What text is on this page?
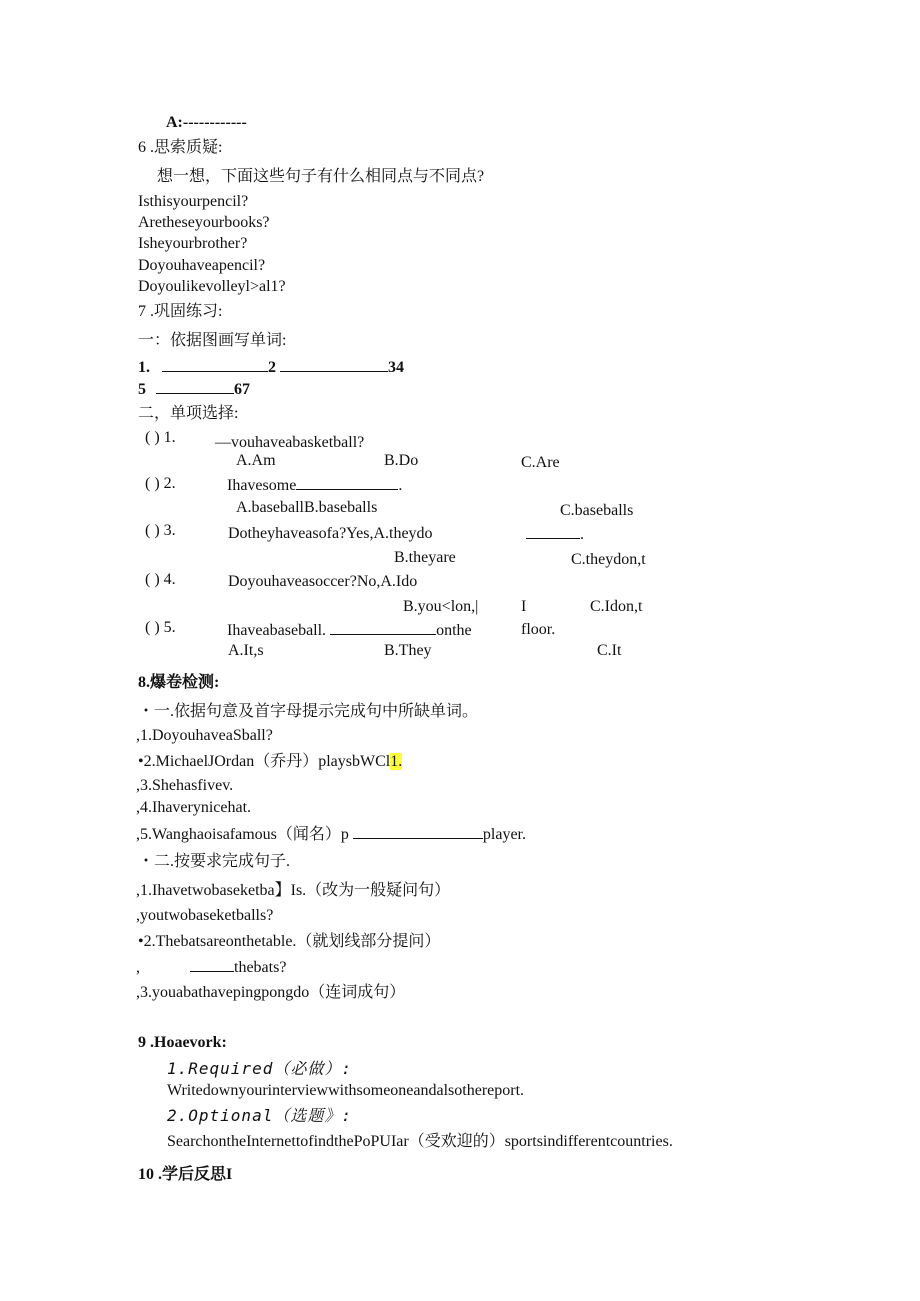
A:------------
6 .思索质疑:
想一想，下面这些句子有什么相同点与不同点?
Isthisyourpencil?
Aretheseyourbooks?
Isheyourbrother?
Doyouhaveapencil?
Doyoulikevolleyl>al1?
7 .巩固练习:
一：依据图画写单词:
1.	2	34
5	67
二，单项选择:
( ) 1. —vouhaveabasketball?
A.Am	B.Do	C.Are
( ) 2.	Ihavesome	.
A.baseballB.baseballs	C.baseballs
( ) 3.	Dotheyhaveasofa?Yes,A.theydo	.
B.theyare	C.theydon,t
( ) 4.	Doyouhaveasoccer?No,A.Ido
B.you<lon,|	I	C.Idon,t
( ) 5.	Ihaveabaseball.	onthe	floor.
A.It,s	B.They	C.It
8.爆卷检测:
・一.依据句意及首字母提示完成句中所缺单词。
,1.DoyouhaveaSball?
•2.MichaelJOrdan（乔丹）playsbWCl1.
,3.Shehasfivev.
,4.Ihaverynicehat.
,5.Wanghaoisafamous（闻名）p	player.
・二.按要求完成句子.
,1.Ihavetwobaseketba】Is.（改为一般疑问句）
,youtwobaseketballs?
•2.Thebatsareonthetable.（就划线部分提问）
,	thebats?
,3.youabathavepingpongdo（连词成句）
9 .Hoaevork:
1.Required（必做）:
Writedownyourinterviewwithsomeoneandalsothereport.
2.Optional（选题》:
SearchontheInternettofindthePoPUIar（受欢迎的）sportsindifferentcountries.
10 .学后反思I
